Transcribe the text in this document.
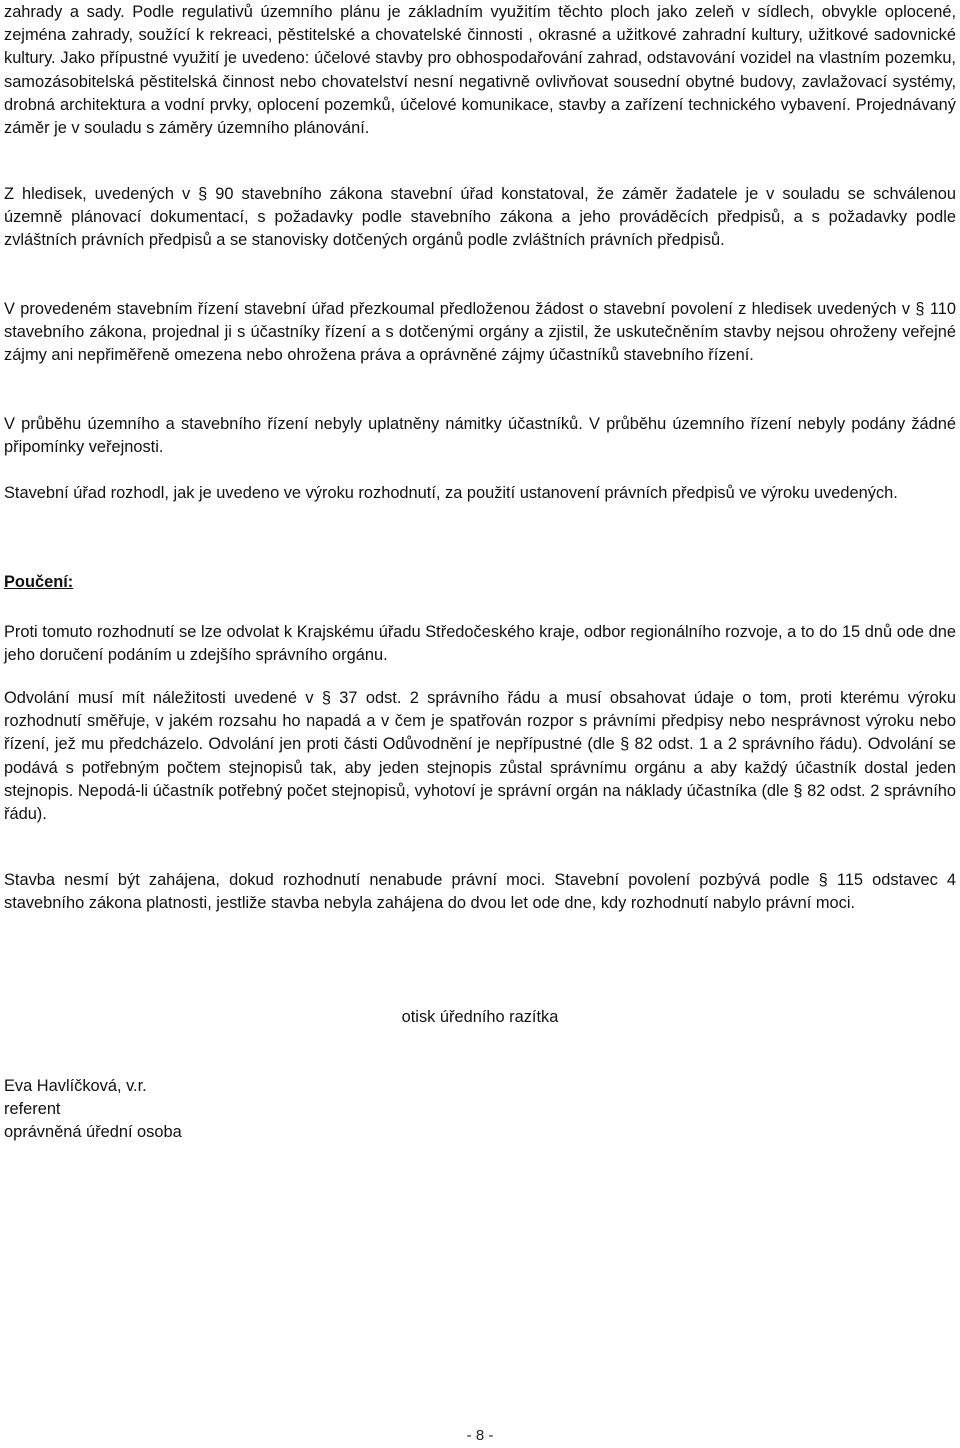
zahrady a sady. Podle regulativů územního plánu je základním využitím těchto ploch jako zeleň v sídlech, obvykle oplocené, zejména zahrady, soužící k rekreaci, pěstitelské a chovatelské činnosti , okrasné a užitkové zahradní kultury, užitkové sadovnické kultury. Jako přípustné využití je uvedeno: účelové stavby pro obhospodařování zahrad, odstavování vozidel na vlastním pozemku, samozásobitelská pěstitelská činnost nebo chovatelství nesní negativně ovlivňovat sousední obytné budovy, zavlažovací systémy, drobná architektura a vodní prvky, oplocení pozemků, účelové komunikace, stavby a zařízení technického vybavení. Projednávaný záměr je v souladu s záměry územního plánování.

Z hledisek, uvedených v § 90 stavebního zákona stavební úřad konstatoval, že záměr žadatele je v souladu se schválenou územně plánovací dokumentací, s požadavky podle stavebního zákona a jeho prováděcích předpisů, a s požadavky podle zvláštních právních předpisů a se stanovisky dotčených orgánů podle zvláštních právních předpisů.

V provedeném stavebním řízení stavební úřad přezkoumal předloženou žádost o stavební povolení z hledisek uvedených v § 110 stavebního zákona, projednal ji s účastníky řízení a s dotčenými orgány a zjistil, že uskutečněním stavby nejsou ohroženy veřejné zájmy ani nepřiměřeně omezena nebo ohrožena práva a oprávněné zájmy účastníků stavebního řízení.

V průběhu územního a stavebního řízení nebyly uplatněny námitky účastníků. V průběhu územního řízení nebyly podány žádné připomínky veřejnosti.

Stavební úřad rozhodl, jak je uvedeno ve výroku rozhodnutí, za použití ustanovení právních předpisů ve výroku uvedených.

Poučení:

Proti tomuto rozhodnutí se lze odvolat k Krajskému úřadu Středočeského kraje, odbor regionálního rozvoje, a to do 15 dnů ode dne jeho doručení podáním u zdejšího správního orgánu.

Odvolání musí mít náležitosti uvedené v § 37 odst. 2 správního řádu a musí obsahovat údaje o tom, proti kterému výroku rozhodnutí směřuje, v jakém rozsahu ho napadá a v čem je spatřován rozpor s právními předpisy nebo nesprávnost výroku nebo řízení, jež mu předcházelo. Odvolání jen proti části Odůvodnění je nepřípustné (dle § 82 odst. 1 a 2 správního řádu). Odvolání se podává s potřebným počtem stejnopisů tak, aby jeden stejnopis zůstal správnímu orgánu a aby každý účastník dostal jeden stejnopis. Nepodá-li účastník potřebný počet stejnopisů, vyhotoví je správní orgán na náklady účastníka (dle § 82 odst. 2 správního řádu).

Stavba nesmí být zahájena, dokud rozhodnutí nenabude právní moci. Stavební povolení pozbývá podle § 115 odstavec 4 stavebního zákona platnosti, jestliže stavba nebyla zahájena do dvou let ode dne, kdy rozhodnutí nabylo právní moci.

otisk úředního razítka

Eva Havlíčková, v.r.
referent
oprávněná úřední osoba
- 8 -
